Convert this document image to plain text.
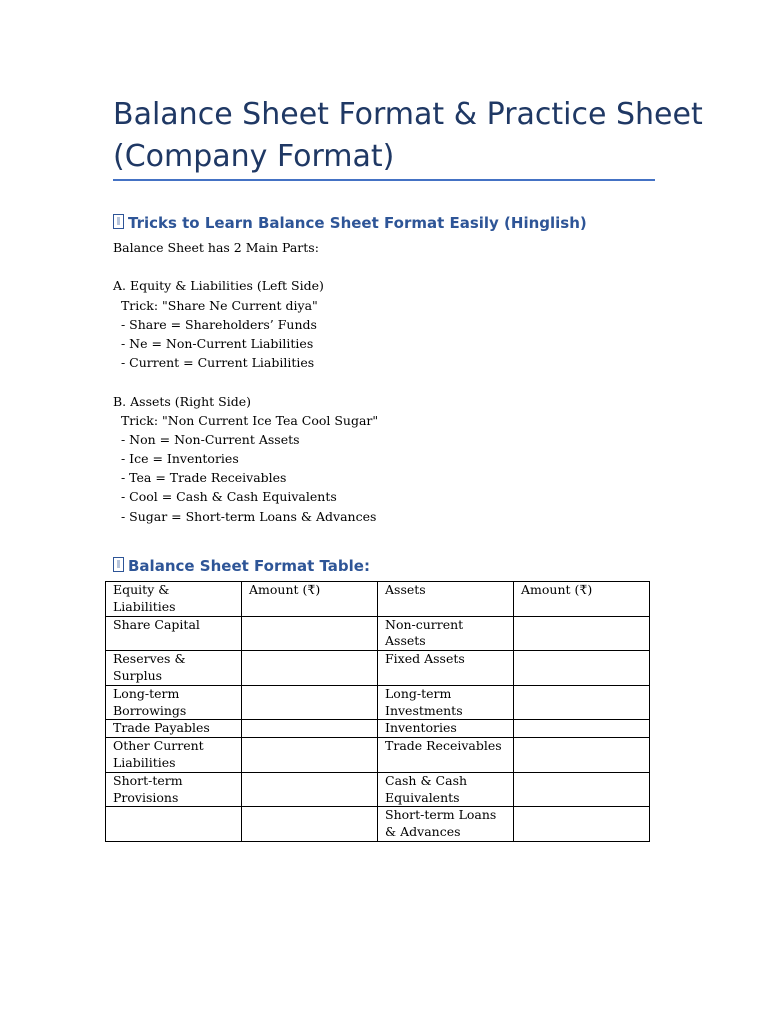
Balance Sheet Format & Practice Sheet
(Company Format)
Tricks to Learn Balance Sheet Format Easily (Hinglish)
Balance Sheet has 2 Main Parts:
A. Equity & Liabilities (Left Side)
Trick: "Share Ne Current diya"
- Share = Shareholders’ Funds
- Ne = Non-Current Liabilities
- Current = Current Liabilities
B. Assets (Right Side)
Trick: "Non Current Ice Tea Cool Sugar"
- Non = Non-Current Assets
- Ice = Inventories
- Tea = Trade Receivables
- Cool = Cash & Cash Equivalents
- Sugar = Short-term Loans & Advances
Balance Sheet Format Table:
Equity & Liabilities	Amount (₹)	Assets	Amount (₹)
Share Capital		Non-current Assets	
Reserves & Surplus		Fixed Assets	
Long-term Borrowings		Long-term Investments	
Trade Payables		Inventories	
Other Current Liabilities		Trade Receivables	
Short-term Provisions		Cash & Cash Equivalents	
		Short-term Loans & Advances	
